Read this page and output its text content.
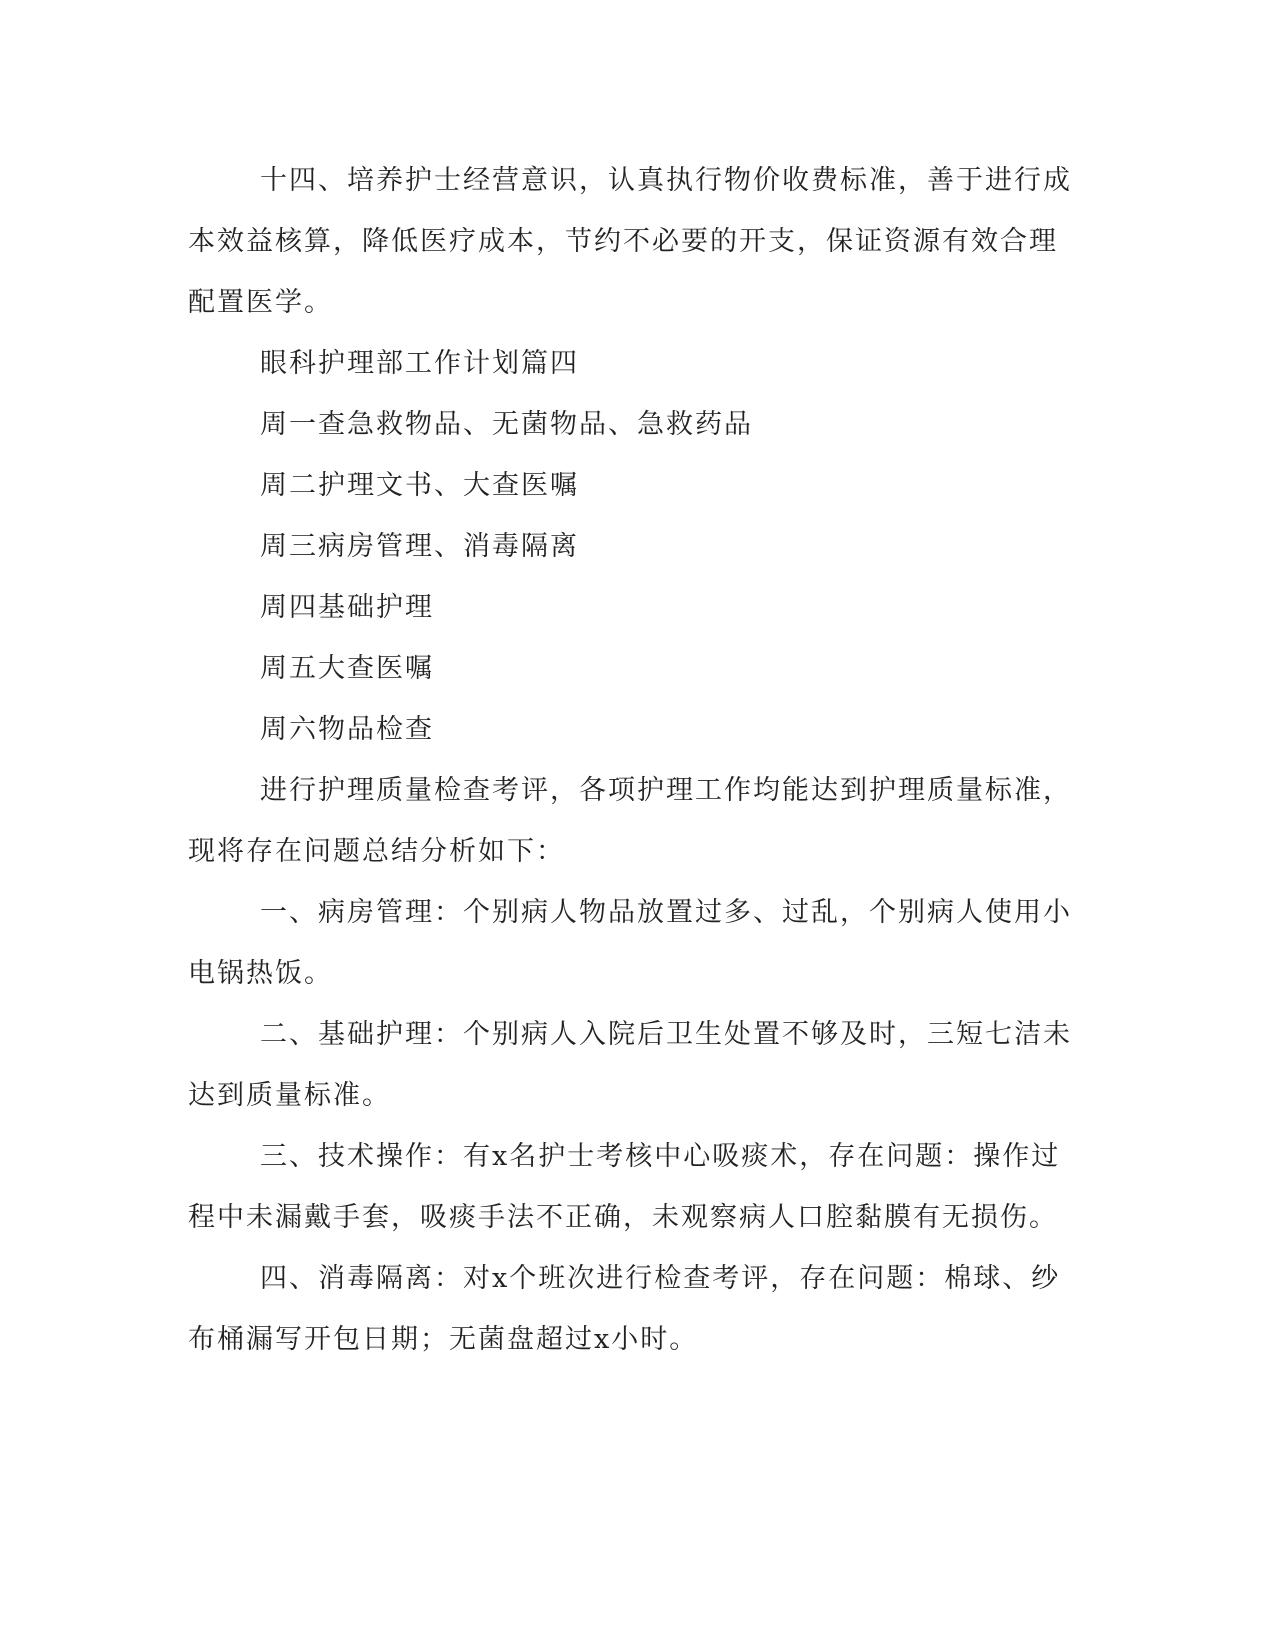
十四、培养护士经营意识，认真执行物价收费标准，善于进行成本效益核算，降低医疗成本，节约不必要的开支，保证资源有效合理配置医学。

眼科护理部工作计划篇四

周一查急救物品、无菌物品、急救药品

周二护理文书、大查医嘱

周三病房管理、消毒隔离

周四基础护理

周五大查医嘱

周六物品检查

进行护理质量检查考评，各项护理工作均能达到护理质量标准，现将存在问题总结分析如下：

一、病房管理：个别病人物品放置过多、过乱，个别病人使用小电锅热饭。

二、基础护理：个别病人入院后卫生处置不够及时，三短七洁未达到质量标准。

三、技术操作：有x名护士考核中心吸痰术，存在问题：操作过程中未漏戴手套，吸痰手法不正确，未观察病人口腔黏膜有无损伤。

四、消毒隔离：对x个班次进行检查考评，存在问题：棉球、纱布桶漏写开包日期；无菌盘超过x小时。
